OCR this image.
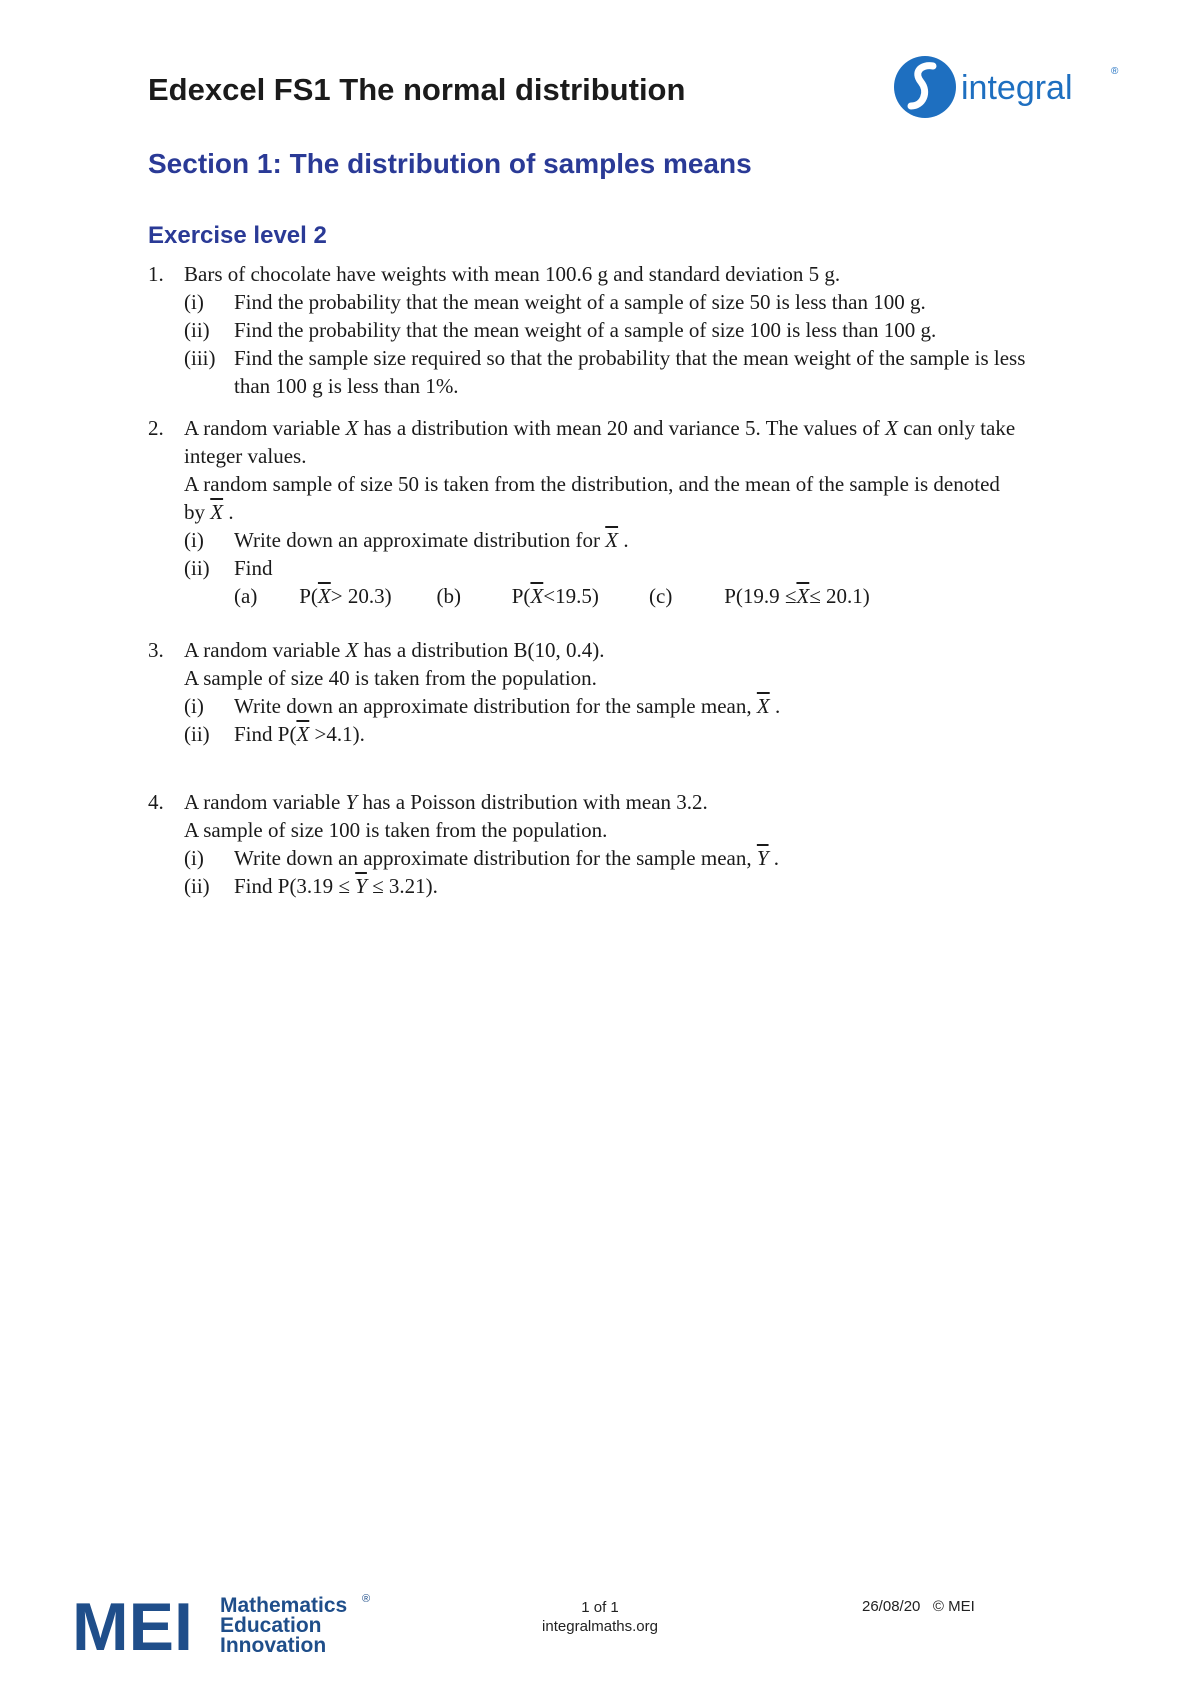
Edexcel FS1 The normal distribution	integral	®
Section 1: The distribution of samples means
Exercise level 2
1. Bars of chocolate have weights with mean 100.6 g and standard deviation 5 g.
(i) Find the probability that the mean weight of a sample of size 50 is less than 100 g.
(ii) Find the probability that the mean weight of a sample of size 100 is less than 100 g.
(iii) Find the sample size required so that the probability that the mean weight of the sample is less than 100 g is less than 1%.
2. A random variable X has a distribution with mean 20 and variance 5. The values of X can only take integer values.
A random sample of size 50 is taken from the distribution, and the mean of the sample is denoted by $\overline{X}$ .
(i) Write down an approximate distribution for $\overline{X}$ .
(ii) Find
(a) $P(\overline{X}> 20.3)$ (b) $P(\overline{X}<19.5)$ (c) $P(19.9 \le\overline{X}\le 20.1)$
3. A random variable X has a distribution B(10, 0.4).
A sample of size 40 is taken from the population.
(i) Write down an approximate distribution for the sample mean, $\overline{X}$ .
(ii) Find $P(\overline{X} >4.1)$.
4. A random variable Y has a Poisson distribution with mean 3.2.
A sample of size 100 is taken from the population.
(i) Write down an approximate distribution for the sample mean, $\overline{Y}$ .
(ii) Find $P(3.19 \le \overline{Y} \le 3.21)$.
MEI Mathematics
Education
Innovation
®	1 of 1
integralmaths.org
26/08/20 © MEI
